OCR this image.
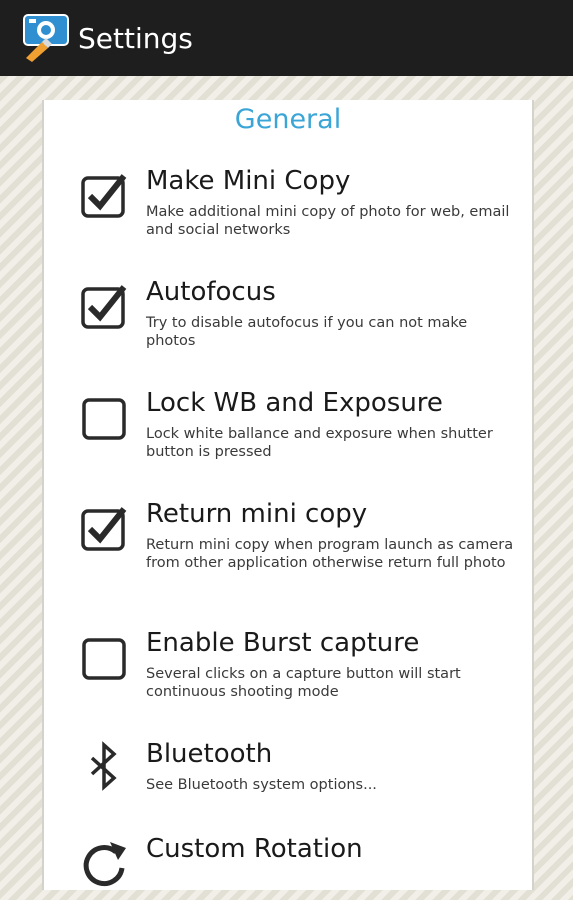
Settings
General
Make Mini Copy
Make additional mini copy of photo for web, email and social networks
Autofocus
Try to disable autofocus if you can not make photos
Lock WB and Exposure
Lock white ballance and exposure when shutter button is pressed
Return mini copy
Return mini copy when program launch as camera from other application otherwise return full photo
Enable Burst capture
Several clicks on a capture button will start continuous shooting mode
Bluetooth
See Bluetooth system options...
Custom Rotation
